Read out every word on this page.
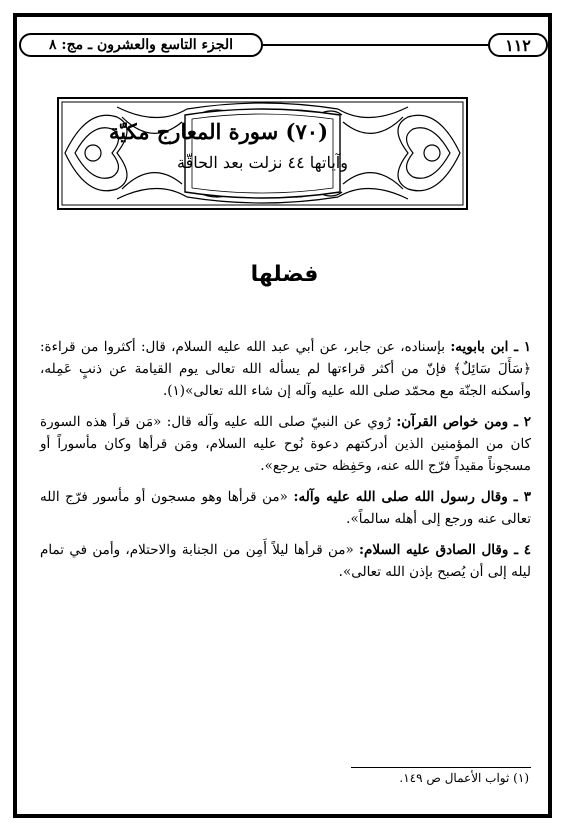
١١٢
الجزء التاسع والعشرون ـ مج: ٨
(٧٠) سورة المعارج مكيّة
وآياتها ٤٤ نزلت بعد الحاقّة
فضلها

١ ـ ابن بابويه: بإسناده، عن جابر، عن أبي عبد الله عليه السلام، قال: أكثروا من قراءة: ﴿سَأَلَ سَائِلٌ﴾ فإنّ من أكثر قراءتها لم يسأله الله تعالى يوم القيامة عن ذنبٍ عَمِله، وأسكنه الجنّة مع محمّد صلى الله عليه وآله إن شاء الله تعالى»(١).

٢ ـ ومن خواص القرآن: رُوي عن النبيّ صلى الله عليه وآله قال: «مَن قرأ هذه السورة كان من المؤمنين الذين أدركتهم دعوة نُوح عليه السلام، ومَن قرأها وكان مأسوراً أو مسجوناً مقيداً فرّج الله عنه، وحَفِظه حتى يرجع».

٣ ـ وقال رسول الله صلى الله عليه وآله: «من قرأها وهو مسجون أو مأسور فرّج الله تعالى عنه ورجع إلى أهله سالماً».

٤ ـ وقال الصادق عليه السلام: «من قرأها ليلاً أَمِن من الجنابة والاحتلام، وأمن في تمام ليله إلى أن يُصبح بإذن الله تعالى».

(١) ثواب الأعمال ص ١٤٩.
